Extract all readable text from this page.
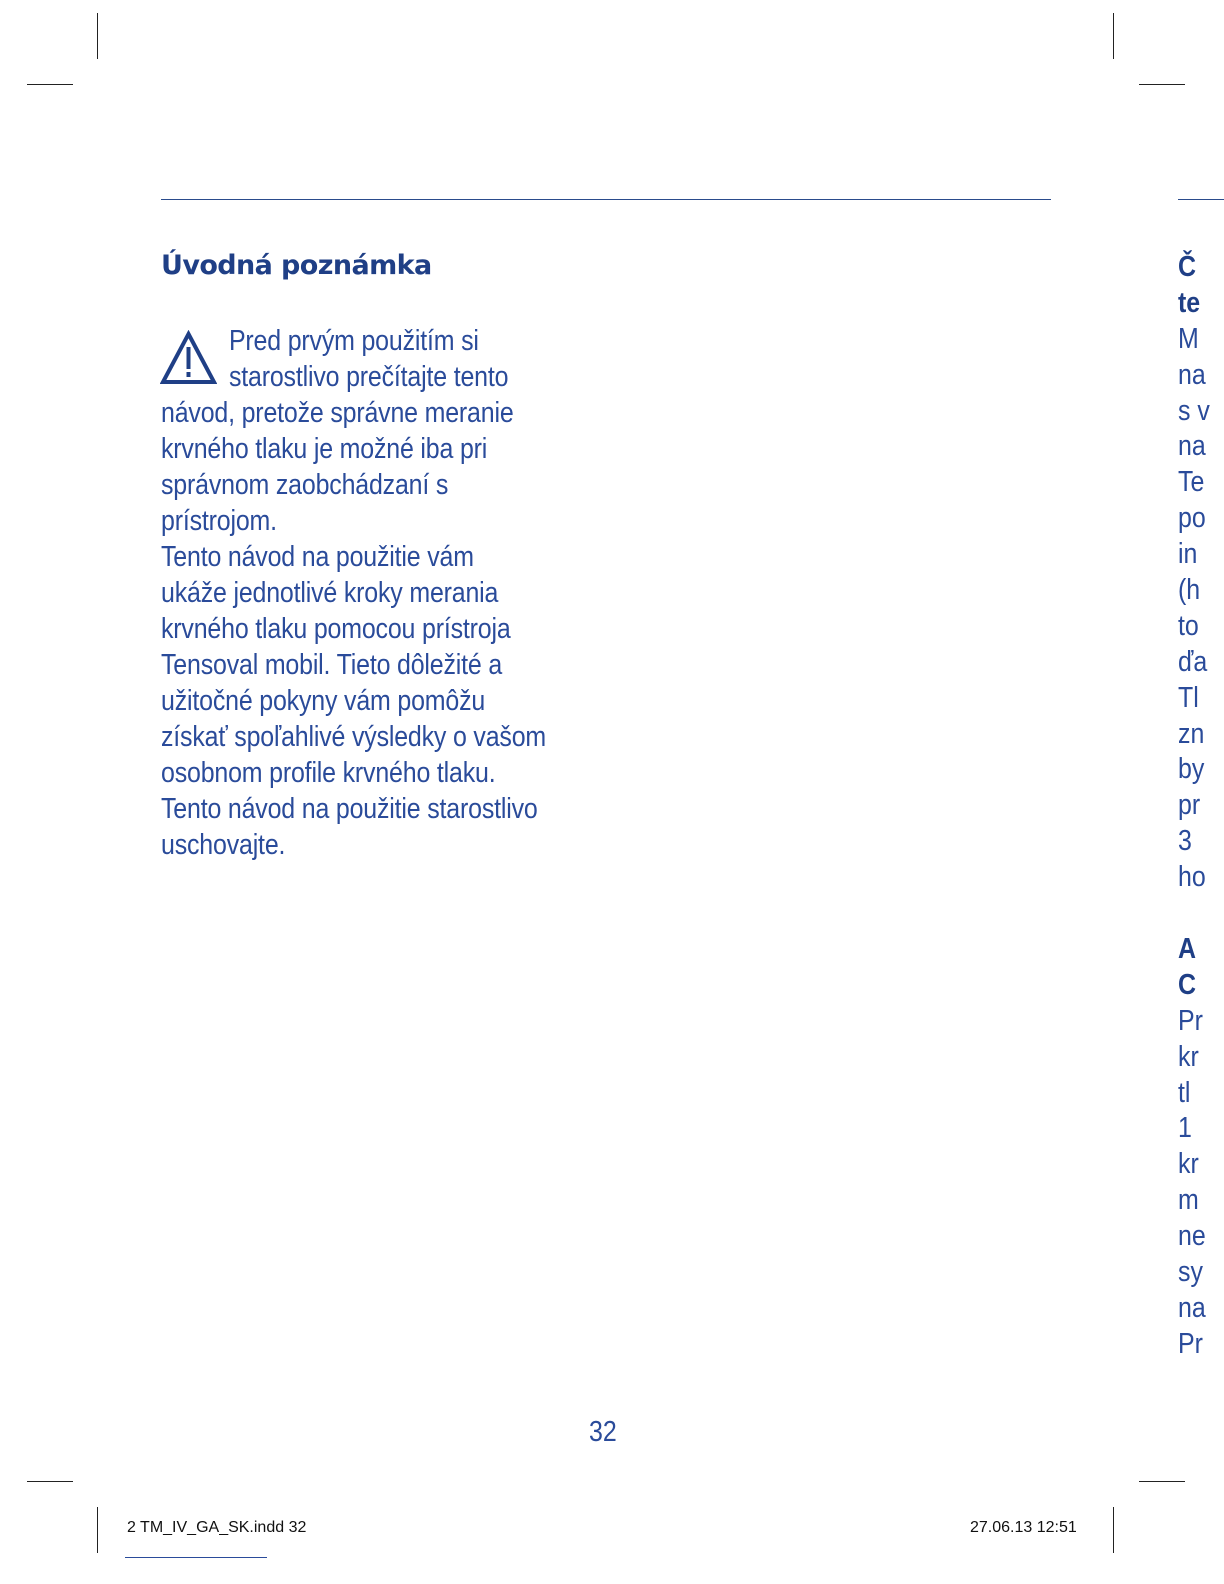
Úvodná poznámka

Pred prvým použitím si

starostlivo prečítajte tento

návod, pretože správne meranie

krvného tlaku je možné iba pri

správnom zaobchádzaní s

prístrojom.

Tento návod na použitie vám

ukáže jednotlivé kroky merania

krvného tlaku pomocou prístroja

Tensoval mobil. Tieto dôležité a

užitočné pokyny vám pomôžu

získať spoľahlivé výsledky o vašom

osobnom profile krvného tlaku.

Tento návod na použitie starostlivo

uschovajte.

Č
te
M
na
s v
na
Te
po
in
(h
to
ďa
Tl
zn
by
pr
3
ho
A
C
Pr
kr
tl
1
kr
m
ne
sy
na
Pr
32
2 TM_IV_GA_SK.indd 32	27.06.13 12:51
